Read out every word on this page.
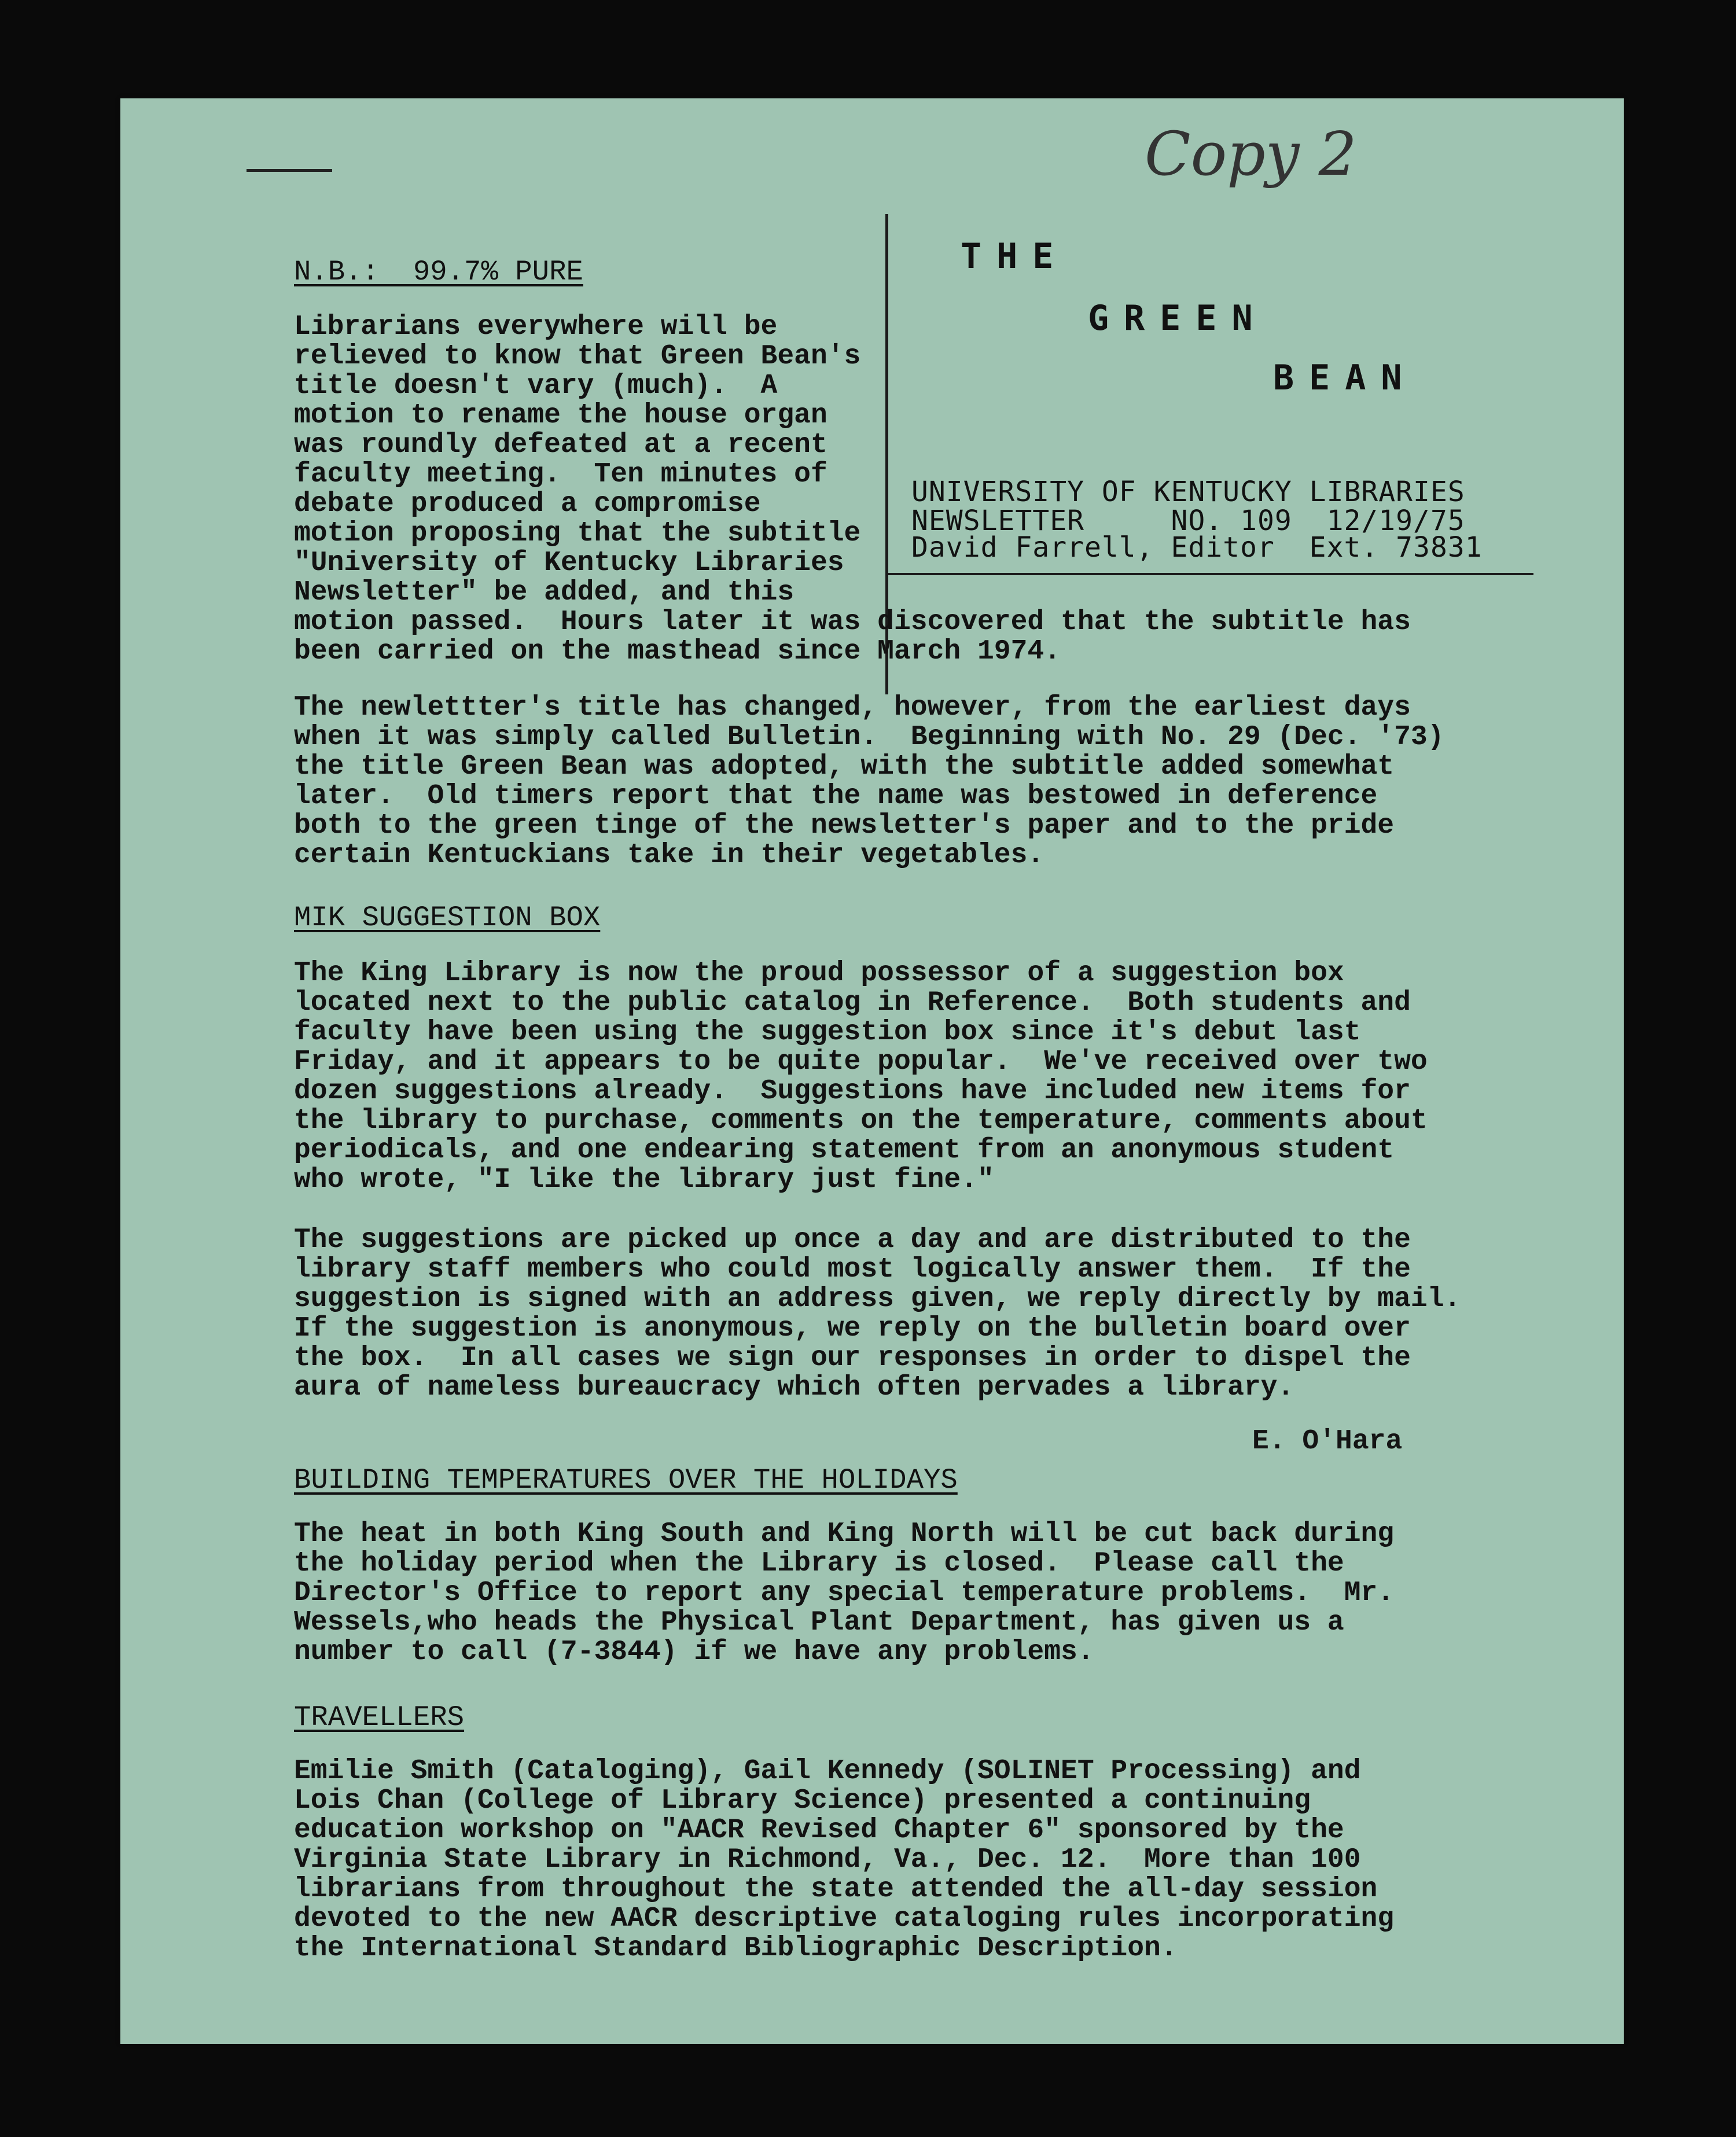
Copy 2

THE

GREEN

BEAN

UNIVERSITY OF KENTUCKY LIBRARIES

NEWSLETTER     NO. 109  12/19/75

David Farrell, Editor  Ext. 73831

N.B.:  99.7% PURE
Librarians everywhere will be
relieved to know that Green Bean's
title doesn't vary (much).  A
motion to rename the house organ
was roundly defeated at a recent
faculty meeting.  Ten minutes of
debate produced a compromise
motion proposing that the subtitle
"University of Kentucky Libraries
Newsletter" be added, and this
motion passed.  Hours later it was discovered that the subtitle has
been carried on the masthead since March 1974.
The newlettter's title has changed, however, from the earliest days
when it was simply called Bulletin.  Beginning with No. 29 (Dec. '73)
the title Green Bean was adopted, with the subtitle added somewhat
later.  Old timers report that the name was bestowed in deference
both to the green tinge of the newsletter's paper and to the pride
certain Kentuckians take in their vegetables.
MIK SUGGESTION BOX
The King Library is now the proud possessor of a suggestion box
located next to the public catalog in Reference.  Both students and
faculty have been using the suggestion box since it's debut last
Friday, and it appears to be quite popular.  We've received over two
dozen suggestions already.  Suggestions have included new items for
the library to purchase, comments on the temperature, comments about
periodicals, and one endearing statement from an anonymous student
who wrote, "I like the library just fine."
The suggestions are picked up once a day and are distributed to the
library staff members who could most logically answer them.  If the
suggestion is signed with an address given, we reply directly by mail.
If the suggestion is anonymous, we reply on the bulletin board over
the box.  In all cases we sign our responses in order to dispel the
aura of nameless bureaucracy which often pervades a library.

E. O'Hara

BUILDING TEMPERATURES OVER THE HOLIDAYS
The heat in both King South and King North will be cut back during
the holiday period when the Library is closed.  Please call the
Director's Office to report any special temperature problems.  Mr.
Wessels,who heads the Physical Plant Department, has given us a
number to call (7-3844) if we have any problems.
TRAVELLERS
Emilie Smith (Cataloging), Gail Kennedy (SOLINET Processing) and
Lois Chan (College of Library Science) presented a continuing
education workshop on "AACR Revised Chapter 6" sponsored by the
Virginia State Library in Richmond, Va., Dec. 12.  More than 100
librarians from throughout the state attended the all-day session
devoted to the new AACR descriptive cataloging rules incorporating
the International Standard Bibliographic Description.
